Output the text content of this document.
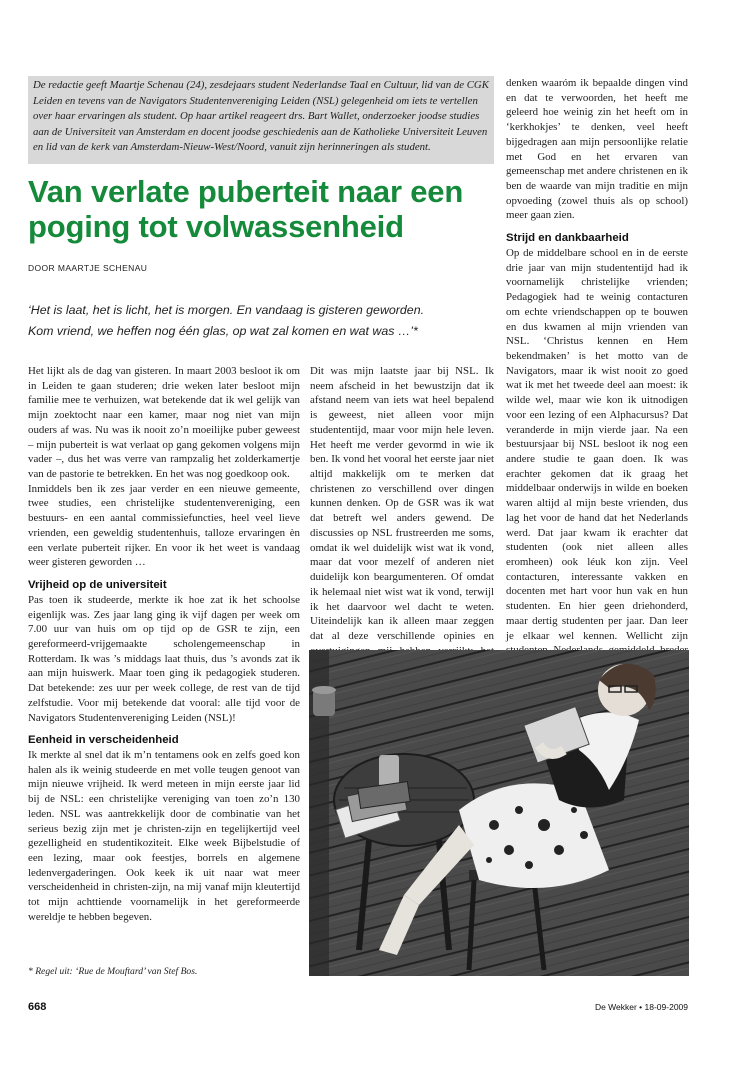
De redactie geeft Maartje Schenau (24), zesdejaars student Nederlandse Taal en Cultuur, lid van de CGK Leiden en tevens van de Navigators Studentenvereniging Leiden (NSL) gelegenheid om iets te vertellen over haar ervaringen als student. Op haar artikel reageert drs. Bart Wallet, onderzoeker joodse studies aan de Universiteit van Amsterdam en docent joodse geschiedenis aan de Katholieke Universiteit Leuven en lid van de kerk van Amsterdam-Nieuw-West/Noord, vanuit zijn herinneringen als student.
Van verlate puberteit naar een poging tot volwassenheid
DOOR MAARTJE SCHENAU
‘Het is laat, het is licht, het is morgen. En vandaag is gisteren geworden.
Kom vriend, we heffen nog één glas, op wat zal komen en wat was …’*

Het lijkt als de dag van gisteren. In maart 2003 besloot ik om in Leiden te gaan studeren; drie weken later besloot mijn familie mee te verhuizen, wat betekende dat ik wel gelijk van mijn zoektocht naar een kamer, maar nog niet van mijn ouders af was. Nu was ik nooit zo’n moeilijke puber geweest – mijn puberteit is wat verlaat op gang gekomen volgens mijn vader –, dus het was verre van rampzalig het zolderkamertje van de pastorie te betrekken. En het was nog goedkoop ook.

Inmiddels ben ik zes jaar verder en een nieuwe gemeente, twee studies, een christelijke studentenvereniging, een bestuurs- en een aantal commissiefuncties, heel veel lieve vrienden, een geweldig studentenhuis, talloze ervaringen èn een verlate puberteit rijker. En voor ik het weet is vandaag weer gisteren geworden …

Vrijheid op de universiteit

Pas toen ik studeerde, merkte ik hoe zat ik het schoolse eigenlijk was. Zes jaar lang ging ik vijf dagen per week om 7.00 uur van huis om op tijd op de GSR te zijn, een gereformeerd-vrijgemaakte scholengemeenschap in Rotterdam. Ik was ’s middags laat thuis, dus ’s avonds zat ik aan mijn huiswerk. Maar toen ging ik pedagogiek studeren. Dat betekende: zes uur per week college, de rest van de tijd zelfstudie. Voor mij betekende dat vooral: alle tijd voor de Navigators Studentenvereniging Leiden (NSL)!

Eenheid in verscheidenheid

Ik merkte al snel dat ik m’n tentamens ook en zelfs goed kon halen als ik weinig studeerde en met volle teugen genoot van mijn nieuwe vrijheid. Ik werd meteen in mijn eerste jaar lid bij de NSL: een christelijke vereniging van toen zo’n 130 leden. NSL was aantrekkelijk door de combinatie van het serieus bezig zijn met je christen-zijn en tegelijkertijd veel gezelligheid en studentikoziteit. Elke week Bijbelstudie of een lezing, maar ook feestjes, borrels en algemene ledenvergaderingen. Ook keek ik uit naar wat meer verscheidenheid in christen-zijn, na mij vanaf mijn kleutertijd tot mijn achttiende voornamelijk in het gereformeerde wereldje te hebben begeven.

Dit was mijn laatste jaar bij NSL. Ik neem afscheid in het bewustzijn dat ik afstand neem van iets wat heel bepalend is geweest, niet alleen voor mijn studententijd, maar voor mijn hele leven. Het heeft me verder gevormd in wie ik ben. Ik vond het vooral het eerste jaar niet altijd makkelijk om te merken dat christenen zo verschillend over dingen kunnen denken. Op de GSR was ik wat dat betreft wel anders gewend. De discussies op NSL frustreerden me soms, omdat ik wel duidelijk wist wat ik vond, maar dat voor mezelf of anderen niet duidelijk kon beargumenteren. Of omdat ik helemaal niet wist wat ik vond, terwijl ik het daarvoor wel dacht te weten. Uiteindelijk kan ik alleen maar zeggen dat al deze verschillende opinies en

denken waaróm ik bepaalde dingen vind en dat te verwoorden, het heeft me geleerd hoe weinig zin het heeft om in ‘kerkhokjes’ te denken, veel heeft bijgedragen aan mijn persoonlijke relatie met God en het ervaren van gemeenschap met andere christenen en ik ben de waarde van mijn traditie en mijn opvoeding (zowel thuis als op school) meer gaan zien.

Strijd en dankbaarheid

Op de middelbare school en in de eerste drie jaar van mijn studententijd had ik voornamelijk christelijke vrienden; Pedagogiek had te weinig contacturen om echte vriendschappen op te bouwen en dus kwamen al mijn vrienden van NSL. ‘Christus kennen en Hem bekendmaken’ is het motto van de Navigators, maar ik wist nooit zo goed wat ik met het tweede deel aan moest: ik wilde wel, maar wie kon ik uitnodigen voor een lezing of een Alphacursus? Dat veranderde in mijn vierde jaar. Na een bestuursjaar bij NSL besloot ik nog een andere studie te gaan doen. Ik was erachter gekomen dat ik graag het middelbaar onderwijs in wilde en boeken waren altijd al mijn beste vrienden, dus lag het voor de hand dat het Nederlands werd. Dat jaar kwam ik erachter dat studenten (ook niet alleen alles eromheen) ook léuk kon zijn. Veel contacturen, interessante vakken en docenten met hart voor hun vak en hun studenten. En hier geen driehonderd, maar dertig studenten per jaar. Dan leer je elkaar wel kennen. Wellicht zijn

* Regel uit: ‘Rue de Mouftard’ van Stef Bos.
668	De Wekker • 18-09-2009
